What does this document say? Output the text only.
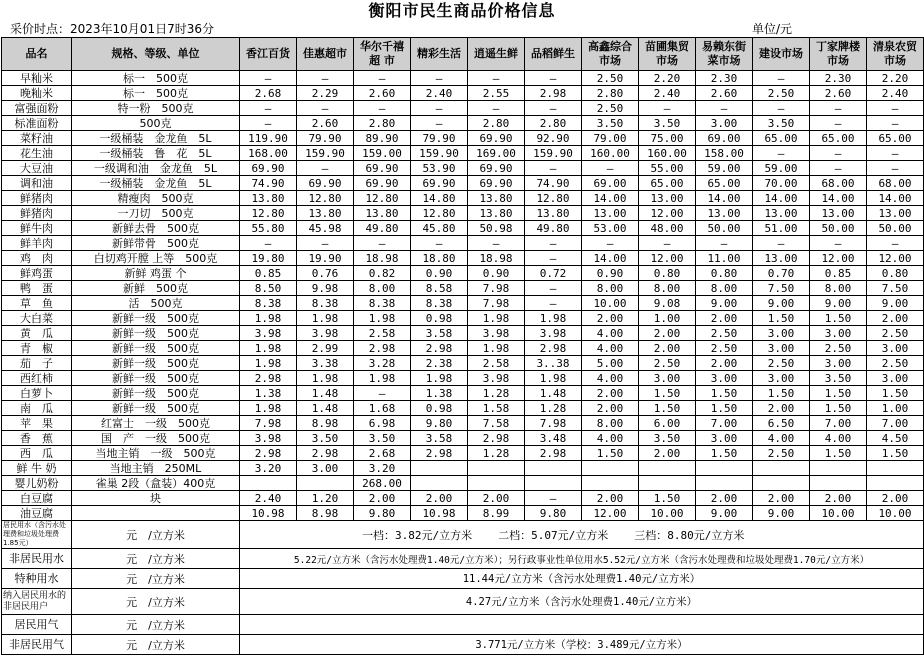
衡阳市民生商品价格信息
采价时点：2023年10月01日7时36分	单位/元
品名	规格、等级、单位	香江百货	佳惠超市	华尔千禧超 市	精彩生活	逍遥生鲜	品稻鲜生	高鑫综合市场	苗圃集贸市场	易赖东街菜市场	建设市场	丁家牌楼市场	清泉农贸市场
早籼米	标一　500克	—	—	—	—	—	—	2.50	2.20	2.30	—	2.30	2.20
晚籼米	标一　500克	2.68	2.29	2.60	2.40	2.55	2.98	2.80	2.40	2.60	2.50	2.60	2.40
富强面粉	特一粉　500克	—	—	—	—	—	—	2.50	—	—	—	—	—
标准面粉	500克	—	2.60	2.80	—	2.80	2.80	3.50	3.50	3.00	3.50	—	—
菜籽油	一级桶装　金龙鱼　5L	119.90	79.90	89.90	79.90	69.90	92.90	79.00	75.00	69.00	65.00	65.00	65.00
花生油	一级桶装　鲁　花　5L	168.00	159.90	159.00	159.90	169.00	159.90	160.00	160.00	158.00	—	—	—
大豆油	一级调和油　金龙鱼　5L	69.90	—	69.90	53.90	69.90	—	—	55.00	59.00	59.00	—	—
调和油	一级桶装　金龙鱼　5L	74.90	69.90	69.90	69.90	69.90	74.90	69.00	65.00	65.00	70.00	68.00	68.00
鲜猪肉	精瘦肉　500克	13.80	12.80	12.80	14.80	13.80	12.80	14.00	13.00	14.00	14.00	14.00	14.00
鲜猪肉	一刀切　500克	12.80	13.80	13.80	12.80	13.80	13.80	13.00	12.00	13.00	13.00	13.00	13.00
鲜牛肉	新鲜去骨　500克	55.80	45.98	49.80	45.80	50.98	49.80	53.00	48.00	50.00	51.00	50.00	50.00
鲜羊肉	新鲜带骨　500克	—	—	—	—	—	—	—	—	—	—	—	—
鸡　肉	白切鸡开膛 上等　500克	19.80	19.90	18.98	18.80	18.98	—	14.00	12.00	11.00	13.00	12.00	12.00
鲜鸡蛋	新鲜 鸡蛋 个	0.85	0.76	0.82	0.90	0.90	0.72	0.90	0.80	0.80	0.70	0.85	0.80
鸭　蛋	新鲜　500克	8.50	9.98	8.00	8.58	7.98	—	8.00	8.00	8.00	7.50	8.00	7.50
草　鱼	活　500克	8.38	8.38	8.38	8.38	7.98	—	10.00	9.08	9.00	9.00	9.00	9.00
大白菜	新鲜一级　500克	1.98	1.98	1.98	0.98	1.98	1.98	2.00	1.00	2.00	1.50	1.50	2.00
黄　瓜	新鲜一级　500克	3.98	3.98	2.58	3.58	3.98	3.98	4.00	2.00	2.50	3.00	3.00	2.50
青　椒	新鲜一级　500克	1.98	2.99	2.98	2.98	1.98	2.98	4.00	2.00	2.50	3.00	2.50	3.00
茄　子	新鲜一级　500克	1.98	3.38	3.28	2.38	2.58	3..38	5.00	2.50	2.00	2.50	3.00	2.50
西红柿	新鲜一级　500克	2.98	1.98	1.98	1.98	3.98	1.98	4.00	3.00	3.00	3.00	3.50	3.00
白萝卜	新鲜一级　500克	1.38	1.48	—	1.38	1.28	1.48	2.00	1.50	1.50	1.50	1.50	1.50
南　瓜	新鲜一级　500克	1.98	1.48	1.68	0.98	1.58	1.28	2.00	1.50	1.50	2.00	1.50	1.00
苹　果	红富士　一级　500克	7.98	8.98	6.98	9.80	7.58	7.98	8.00	6.00	7.00	6.50	7.00	7.00
香　蕉	国　产　一级　500克	3.98	3.50	3.50	3.58	2.98	3.48	4.00	3.50	3.00	4.00	4.00	4.50
西　瓜	当地主销　一级　500克	2.98	2.98	2.68	2.98	1.28	2.98	1.50	2.00	1.50	2.50	1.50	1.50
鲜 牛 奶	当地主销　250ML	3.20	3.00	3.20									
婴儿奶粉	雀巢 2段（盒装）400克			268.00									
白豆腐	块	2.40	1.20	2.00	2.00	2.00	—	2.00	1.50	2.00	2.00	2.00	2.00
油豆腐		10.98	8.98	9.80	10.98	8.99	9.80	12.00	10.00	9.00	9.00	10.00	10.00
居民用水（含污水处理费和垃圾处理费1.85元）	元　/立方米	一档：3.82元/立方米 二档：5.07元/立方米 三档：8.80元/立方米											
非居民用水	元　/立方米	5.22元/立方米（含污水处理费1.40元/立方米）；另行政事业性单位用水5.52元/立方米（含污水处理费和垃圾处理费1.70元/立方米）											
特种用水	元　/立方米	11.44元/立方米（含污水处理费1.40元/立方米）											
纳入居民用水的非居民用户	元　/立方米	4.27元/立方米（含污水处理费1.40元/立方米）											
居民用气	元　/立方米												
非居民用气	元　/立方米	3.771元/立方米（学校：3.489元/立方米）											
